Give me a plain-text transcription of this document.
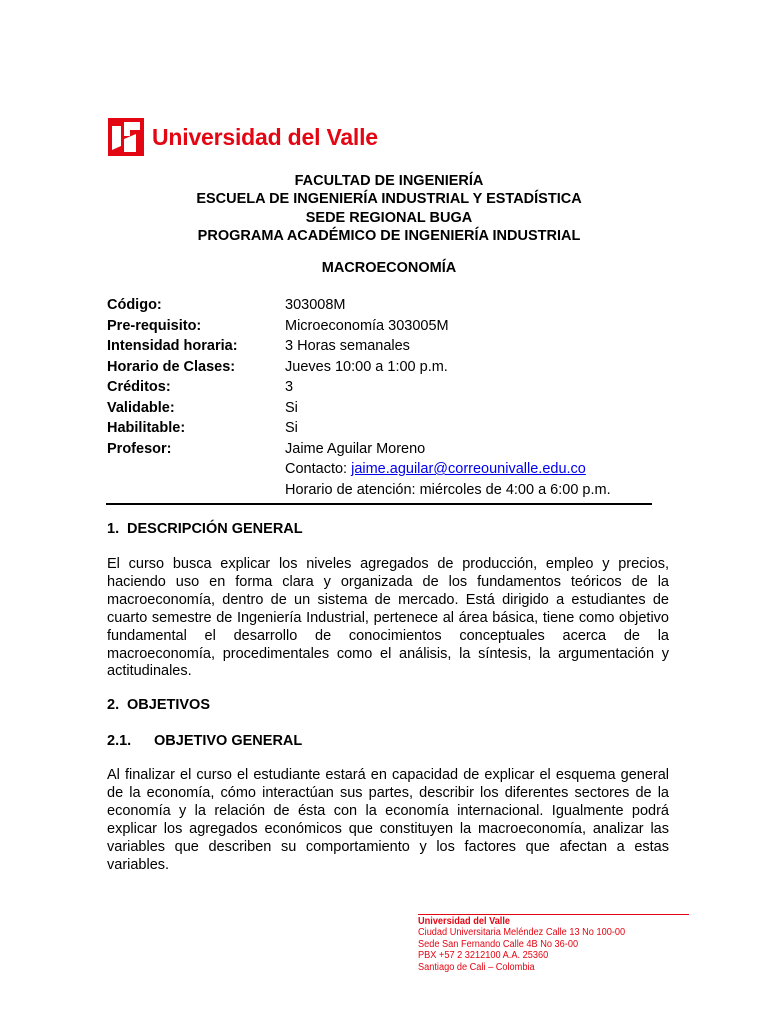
Universidad del Valle
FACULTAD DE INGENIERÍA
ESCUELA DE INGENIERÍA INDUSTRIAL Y ESTADÍSTICA
SEDE REGIONAL BUGA
PROGRAMA ACADÉMICO DE INGENIERÍA INDUSTRIAL
MACROECONOMÍA
Código:	303008M
Pre-requisito:	Microeconomía 303005M
Intensidad horaria:	3 Horas semanales
Horario de Clases:	Jueves 10:00 a 1:00 p.m.
Créditos:	3
Validable:	Si
Habilitable:	Si
Profesor:	Jaime Aguilar Moreno
Contacto: jaime.aguilar@correounivalle.edu.co
Horario de atención: miércoles de 4:00 a 6:00 p.m.
1. DESCRIPCIÓN GENERAL
El curso busca explicar los niveles agregados de producción, empleo y precios, haciendo uso en forma clara y organizada de los fundamentos teóricos de la macroeconomía, dentro de un sistema de mercado. Está dirigido a estudiantes de cuarto semestre de Ingeniería Industrial, pertenece al área básica, tiene como objetivo fundamental el desarrollo de conocimientos conceptuales acerca de la macroeconomía, procedimentales como el análisis, la síntesis, la argumentación y actitudinales.
2. OBJETIVOS
2.1.	OBJETIVO GENERAL
Al finalizar el curso el estudiante estará en capacidad de explicar el esquema general de la economía, cómo interactúan sus partes, describir los diferentes sectores de la economía y la relación de ésta con la economía internacional. Igualmente podrá explicar los agregados económicos que constituyen la macroeconomía, analizar las variables que describen su comportamiento y los factores que afectan a estas variables.
Universidad del Valle
Ciudad Universitaria Meléndez Calle 13 No 100-00
Sede San Fernando Calle 4B No 36-00
PBX +57 2 3212100 A.A. 25360
Santiago de Cali – Colombia
